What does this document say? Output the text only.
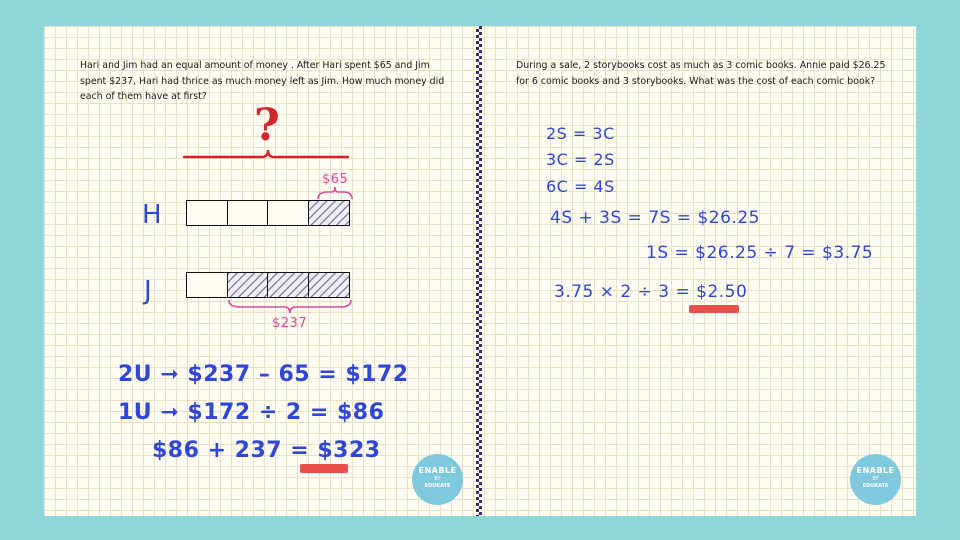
Hari and Jim had an equal amount of money . After Hari spent $65 and Jim spent $237, Hari had thrice as much money left as Jim. How much money did each of them have at first?
?
$65
H
J
$237
2U ➞ $237 – 65 = $172
1U ➞ $172 ÷ 2 = $86
$86 + 237 = $323
ENABLE
BY
EDUKATE
During a sale, 2 storybooks cost as much as 3 comic books. Annie paid $26.25 for 6 comic books and 3 storybooks. What was the cost of each comic book?
2S = 3C
3C = 2S
6C = 4S
4S + 3S = 7S = $26.25
1S = $26.25 ÷ 7 = $3.75
3.75 × 2 ÷ 3 = $2.50
ENABLE
BY
EDUKATE
